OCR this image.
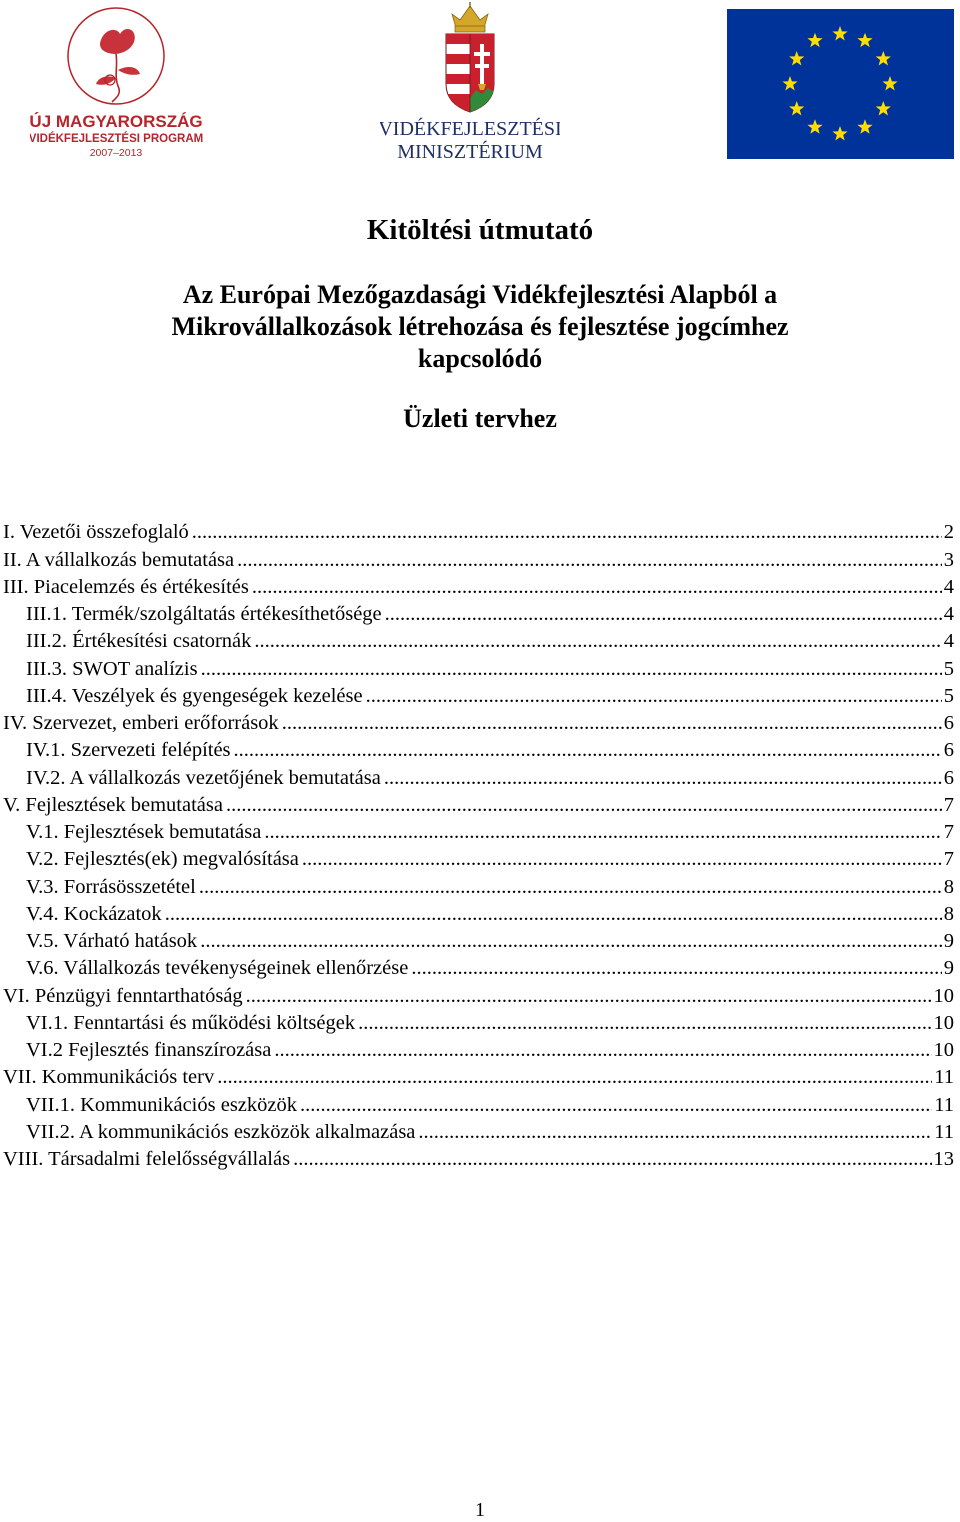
ÚJ MAGYARORSZÁG
VIDÉKFEJLESZTÉSI PROGRAM
2007–2013
VIDÉKFEJLESZTÉSI
MINISZTÉRIUM
Kitöltési útmutató
Az Európai Mezőgazdasági Vidékfejlesztési Alapból a
Mikrovállalkozások létrehozása és fejlesztése jogcímhez
kapcsolódó
Üzleti tervhez
I. Vezetői összefoglaló .....	2
II. A vállalkozás bemutatása .....	3
III. Piacelemzés és értékesítés .....	4
III.1. Termék/szolgáltatás értékesíthetősége .....	4
III.2. Értékesítési csatornák .....	4
III.3. SWOT analízis .....	5
III.4. Veszélyek és gyengeségek kezelése .....	5
IV. Szervezet, emberi erőforrások .....	6
IV.1. Szervezeti felépítés .....	6
IV.2. A vállalkozás vezetőjének bemutatása .....	6
V. Fejlesztések bemutatása .....	7
V.1. Fejlesztések bemutatása .....	7
V.2. Fejlesztés(ek) megvalósítása .....	7
V.3. Forrásösszetétel .....	8
V.4. Kockázatok .....	8
V.5. Várható hatások .....	9
V.6. Vállalkozás tevékenységeinek ellenőrzése .....	9
VI. Pénzügyi fenntarthatóság .....	10
VI.1. Fenntartási és működési költségek .....	10
VI.2 Fejlesztés finanszírozása .....	10
VII. Kommunikációs terv .....	11
VII.1. Kommunikációs eszközök .....	11
VII.2. A kommunikációs eszközök alkalmazása .....	11
VIII. Társadalmi felelősségvállalás .....	13
1
